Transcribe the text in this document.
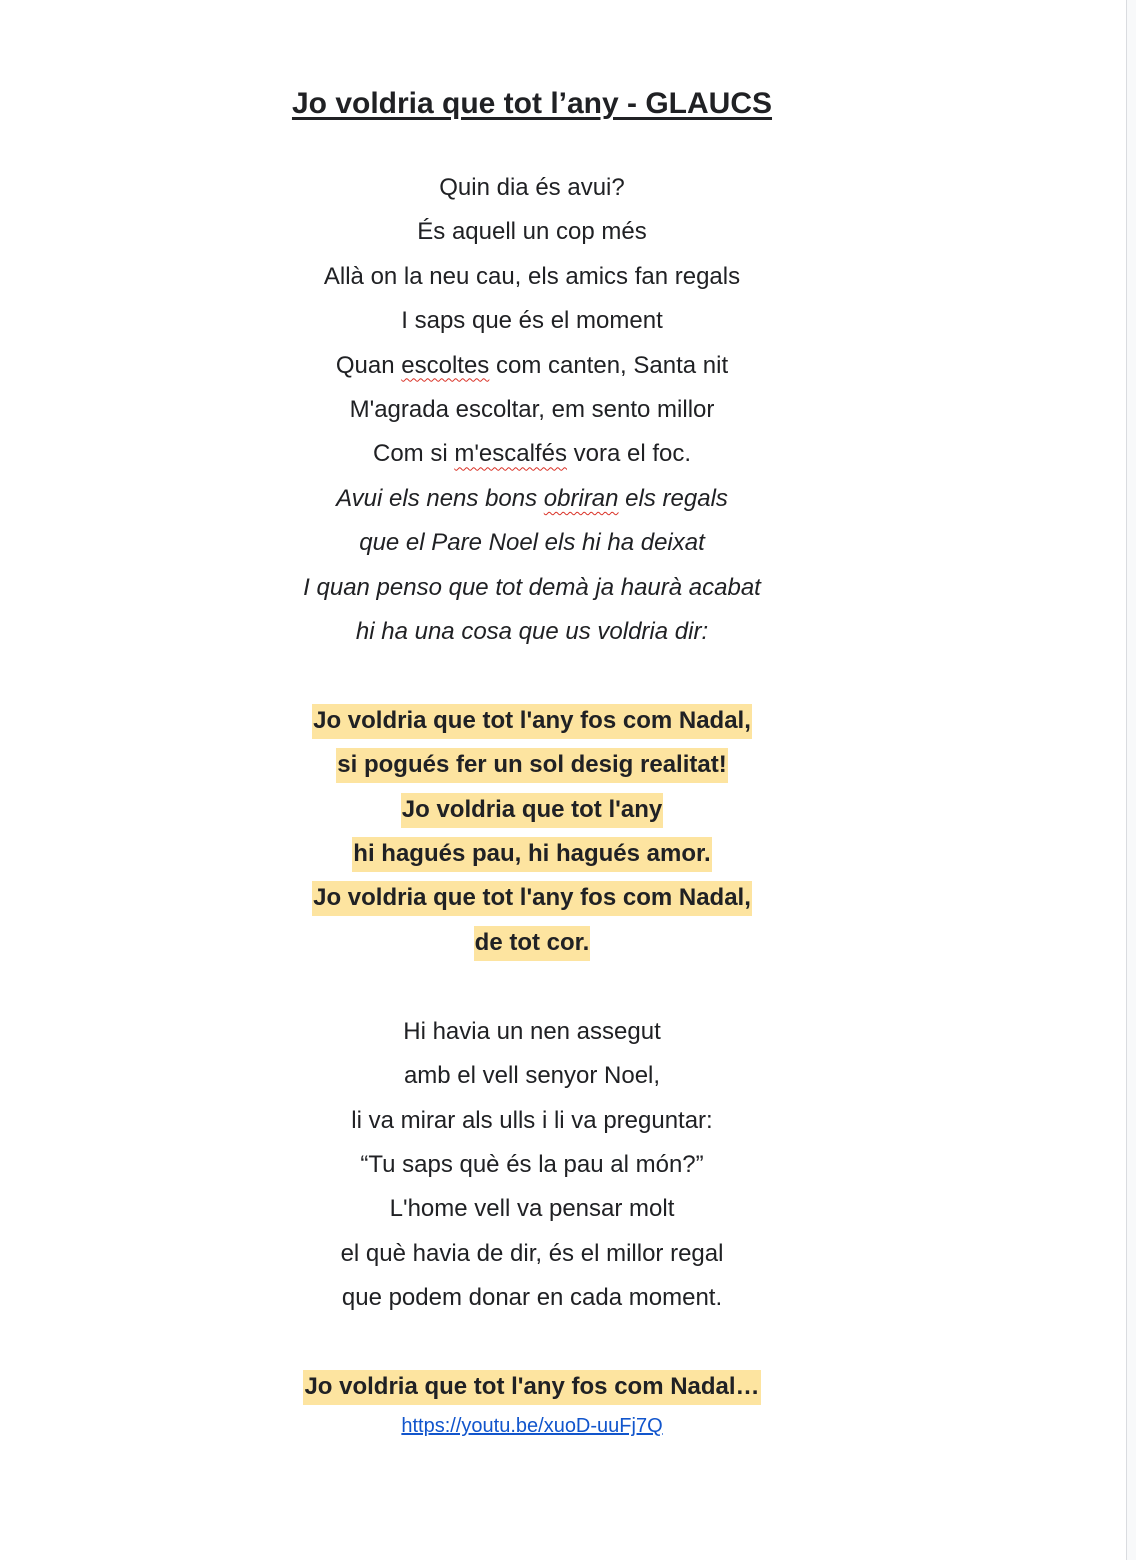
Jo voldria que tot l’any - GLAUCS
Quin dia és avui?
És aquell un cop més
Allà on la neu cau, els amics fan regals
I saps que és el moment
Quan escoltes com canten, Santa nit
M'agrada escoltar, em sento millor
Com si m'escalfés vora el foc.
Avui els nens bons obriran els regals
que el Pare Noel els hi ha deixat
I quan penso que tot demà ja haurà acabat
hi ha una cosa que us voldria dir:
Jo voldria que tot l'any fos com Nadal,
si pogués fer un sol desig realitat!
Jo voldria que tot l'any
hi hagués pau, hi hagués amor.
Jo voldria que tot l'any fos com Nadal,
de tot cor.
Hi havia un nen assegut
amb el vell senyor Noel,
li va mirar als ulls i li va preguntar:
“Tu saps què és la pau al món?”
L'home vell va pensar molt
el què havia de dir, és el millor regal
que podem donar en cada moment.
Jo voldria que tot l'any fos com Nadal…
https://youtu.be/xuoD-uuFj7Q
